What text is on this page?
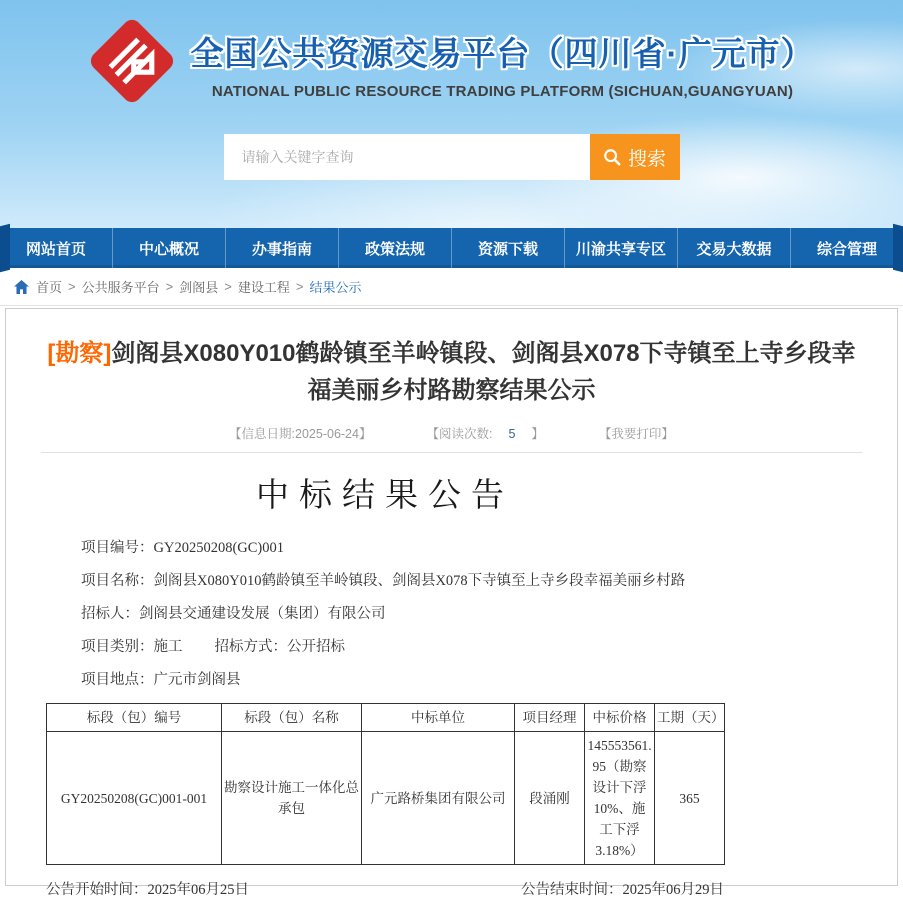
全国公共资源交易平台（四川省·广元市）
NATIONAL PUBLIC RESOURCE TRADING PLATFORM (SICHUAN,GUANGYUAN)
请输入关键字查询
搜索
网站首页	中心概况	办事指南	政策法规	资源下载	川渝共享专区	交易大数据	综合管理
首页 > 公共服务平台 > 剑阁县 > 建设工程 > 结果公示
[勘察]剑阁县X080Y010鹤龄镇至羊岭镇段、剑阁县X078下寺镇至上寺乡段幸福美丽乡村路勘察结果公示
【信息日期:2025-06-24】	【阅读次数: 5 】	【我要打印】
中标结果公告
项目编号：GY20250208(GC)001
项目名称：剑阁县X080Y010鹤龄镇至羊岭镇段、剑阁县X078下寺镇至上寺乡段幸福美丽乡村路
招标人：剑阁县交通建设发展（集团）有限公司
项目类别：施工 招标方式：公开招标
项目地点：广元市剑阁县
标段（包）编号	标段（包）名称	中标单位	项目经理	中标价格	工期（天）
GY20250208(GC)001-001	勘察设计施工一体化总承包	广元路桥集团有限公司	段涌刚	145553561.95（勘察设计下浮10%、施工下浮3.18%）	365
公告开始时间：2025年06月25日	公告结束时间：2025年06月29日
